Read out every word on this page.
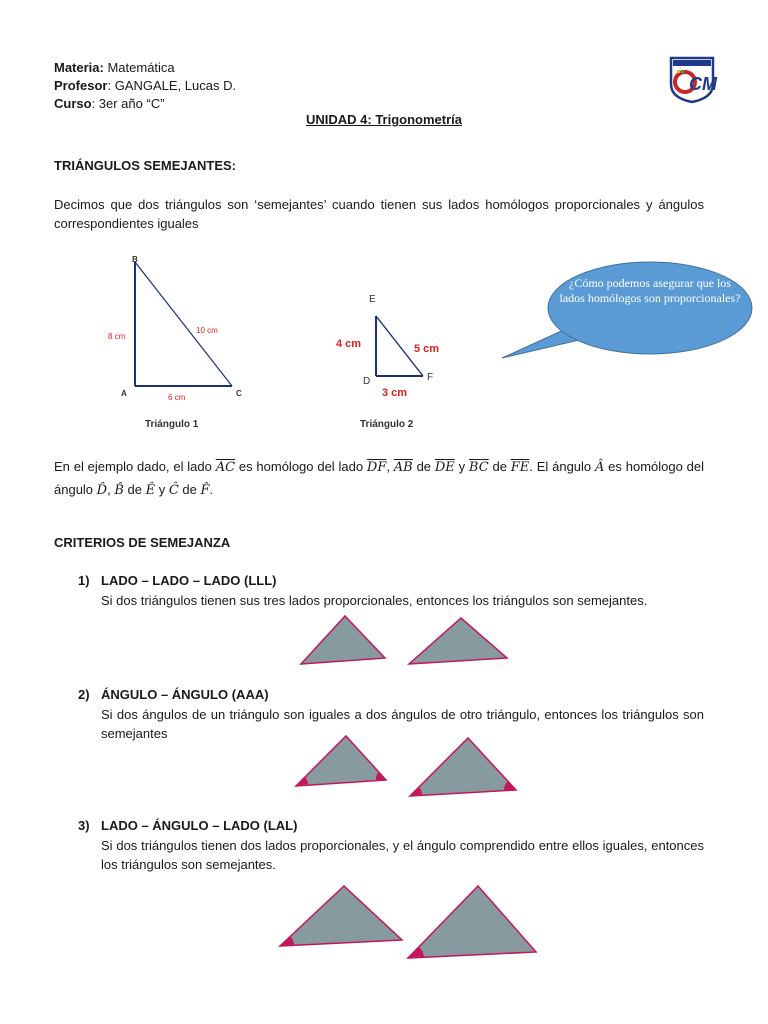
Materia: Matemática
Profesor: GANGALE, Lucas D.
Curso: 3er año “C”
CM
UNIDAD 4: Trigonometría
TRIÁNGULOS SEMEJANTES:
Decimos que dos triángulos son ‘semejantes’ cuando tienen sus lados homólogos proporcionales y ángulos correspondientes iguales
B
A	C
8 cm
10 cm
6 cm
Triángulo 1
E
D	F
4 cm	5 cm
3 cm
Triángulo 2
¿Cómo podemos asegurar que los lados homólogos son proporcionales?
En el ejemplo dado, el lado $\overline{AC}$ es homólogo del lado $\overline{DF}$, $\overline{AB}$ de $\overline{DE}$ y $\overline{BC}$ de $\overline{FE}$. El ángulo Â es homólogo del ángulo D̂, B̂ de Ê y Ĉ de F̂.
CRITERIOS DE SEMEJANZA
1) LADO – LADO – LADO (LLL)
Si dos triángulos tienen sus tres lados proporcionales, entonces los triángulos son semejantes.
2) ÁNGULO – ÁNGULO (AAA)
Si dos ángulos de un triángulo son iguales a dos ángulos de otro triángulo, entonces los triángulos son semejantes
3) LADO – ÁNGULO – LADO (LAL)
Si dos triángulos tienen dos lados proporcionales, y el ángulo comprendido entre ellos iguales, entonces los triángulos son semejantes.
